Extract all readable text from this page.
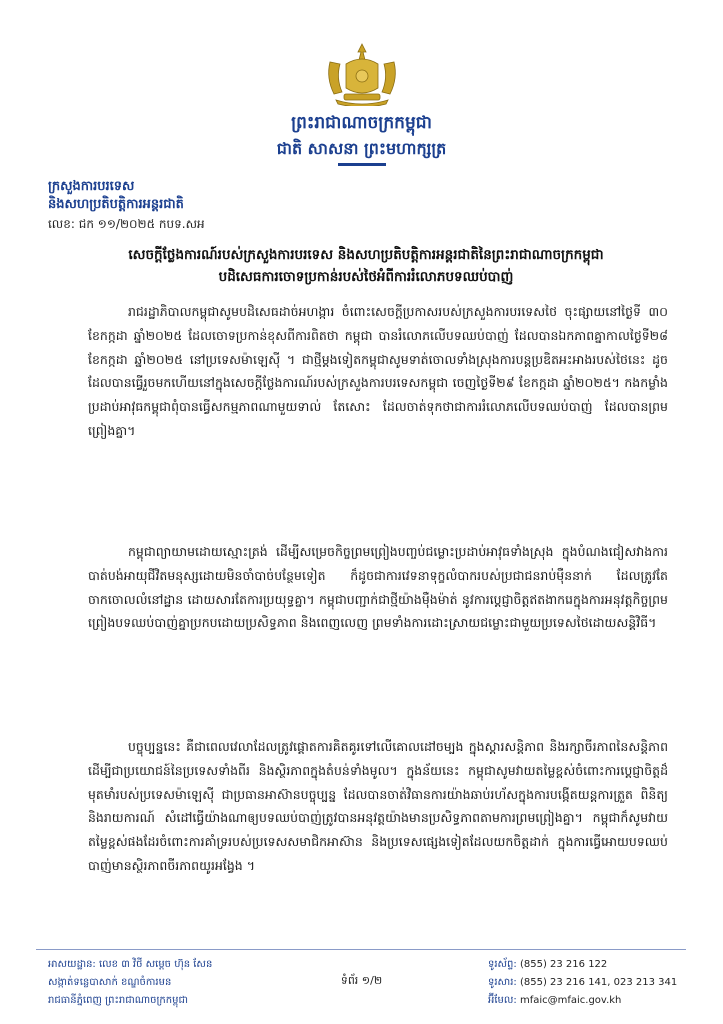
ព្រះរាជាណាចក្រកម្ពុជា
ជាតិ សាសនា ព្រះមហាក្សត្រ
ក្រសួងការបរទេស
និងសហប្រតិបត្តិការអន្តរជាតិ
លេខ: ជក ១១/២០២៥ កបទ.សអ
សេចក្តីថ្លែងការណ៍របស់ក្រសួងការបរទេស និងសហប្រតិបត្តិការអន្តរជាតិនៃព្រះរាជាណាចក្រកម្ពុជា
បដិសេធការចោទប្រកាន់របស់ថៃអំពីការរំលោភបទឈប់បាញ់

រាជរដ្ឋាភិបាលកម្ពុជាសូមបដិសេធដាច់អហង្ការ ចំពោះសេចក្តីប្រកាសរបស់ក្រសួងការបរទេសថៃ ចុះផ្សាយនៅថ្ងៃទី ៣០ ខែកក្កដា ឆ្នាំ២០២៥ ដែលចោទប្រកាន់ខុសពីការពិតថា កម្ពុជា បានរំលោភលើបទឈប់បាញ់ ដែលបានឯកភាពគ្នាកាលថ្ងៃទី២៨ ខែកក្កដា ឆ្នាំ២០២៥ នៅប្រទេសម៉ាឡេស៊ី ។ ជាថ្មីម្តងទៀតកម្ពុជាសូមទាត់ចោលទាំងស្រុងការបន្តប្រឌិតអះអាងរបស់ថៃនេះ ដូចដែលបានធ្វើរួចមកហើយនៅក្នុងសេចក្តីថ្លែងការណ៍របស់ក្រសួងការបរទេសកម្ពុជា ចេញថ្ងៃទី២៩ ខែកក្កដា ឆ្នាំ២០២៥។ កងកម្លាំងប្រដាប់អាវុធកម្ពុជាពុំបានធ្វើសកម្មភាពណាមួយទាល់ តែសោះ ដែលចាត់ទុកថាជាការរំលោភលើបទឈប់បាញ់ ដែលបានព្រមព្រៀងគ្នា។

កម្ពុជាព្យាយាមដោយស្មោះត្រង់ ដើម្បីសម្រេចកិច្ចព្រមព្រៀងបញ្ចប់ជម្លោះប្រដាប់អាវុធទាំងស្រុង ក្នុងបំណងជៀសវាងការបាត់បង់អាយុជីវិតមនុស្សដោយមិនចាំបាច់បន្ថែមទៀត ក៏ដូចជាការវេទនាទុក្ខលំបាករបស់ប្រជាជនរាប់ម៉ឺននាក់ ដែលត្រូវតែចាកចោលលំនៅដ្ឋាន ដោយសារតែការប្រយុទ្ធគ្នា។ កម្ពុជាបញ្ជាក់ជាថ្មីយ៉ាងម៉ឺងម៉ាត់ នូវការប្តេជ្ញាចិត្តឥតងាករេក្នុងការអនុវត្តកិច្ចព្រមព្រៀងបទឈប់បាញ់គ្នាប្រកបដោយប្រសិទ្ធភាព និងពេញលេញ ព្រមទាំងការដោះស្រាយជម្លោះជាមួយប្រទេសថៃដោយសន្តិវិធី។

បច្ចុប្បន្ននេះ គឺជាពេលវេលាដែលត្រូវផ្តោតការគិតគូរទៅលើគោលដៅចម្បង ក្នុងស្តារសន្តិភាព និងរក្សាចីរភាពនៃសន្តិភាព ដើម្បីជាប្រយោជន៍នៃប្រទេសទាំងពីរ និងស្ថិរភាពក្នុងតំបន់ទាំងមូល។ ក្នុងន័យនេះ កម្ពុជាសូមវាយតម្លៃខ្ពស់ចំពោះការប្តេជ្ញាចិត្តដ៏មុតមាំរបស់ប្រទេសម៉ាឡេស៊ី ជាប្រធានអាស៊ានបច្ចុប្បន្ន ដែលបានចាត់វិធានការយ៉ាងឆាប់រហ័សក្នុងការបង្កើតយន្តការត្រួត ពិនិត្យ និងរាយការណ៍ សំដៅធ្វើយ៉ាងណាឲ្យបទឈប់បាញ់ត្រូវបានអនុវត្តយ៉ាងមានប្រសិទ្ធភាពតាមការព្រមព្រៀងគ្នា។ កម្ពុជាក៏សូមវាយតម្លៃខ្ពស់ផងដែរចំពោះការគាំទ្ររបស់ប្រទេសសមាជិកអាស៊ាន និងប្រទេសផ្សេងទៀតដែលយកចិត្តដាក់ ក្នុងការធ្វើអោយបទឈប់បាញ់មានស្ថិរភាពចីរភាពយូរអង្វែង ។

អាសយដ្ឋាន: លេខ ៣ វិថី សម្តេច ហ៊ុន សែន
សង្កាត់ទន្លេបាសាក់ ខណ្ឌចំការមន
រាជធានីភ្នំពេញ ព្រះរាជាណាចក្រកម្ពុជា
ទំព័រ ១/២
ទូរស័ព្ទ: (855) 23 216 122
ទូរសារ: (855) 23 216 141, 023 213 341
អ៊ីមែល: mfaic@mfaic.gov.kh
